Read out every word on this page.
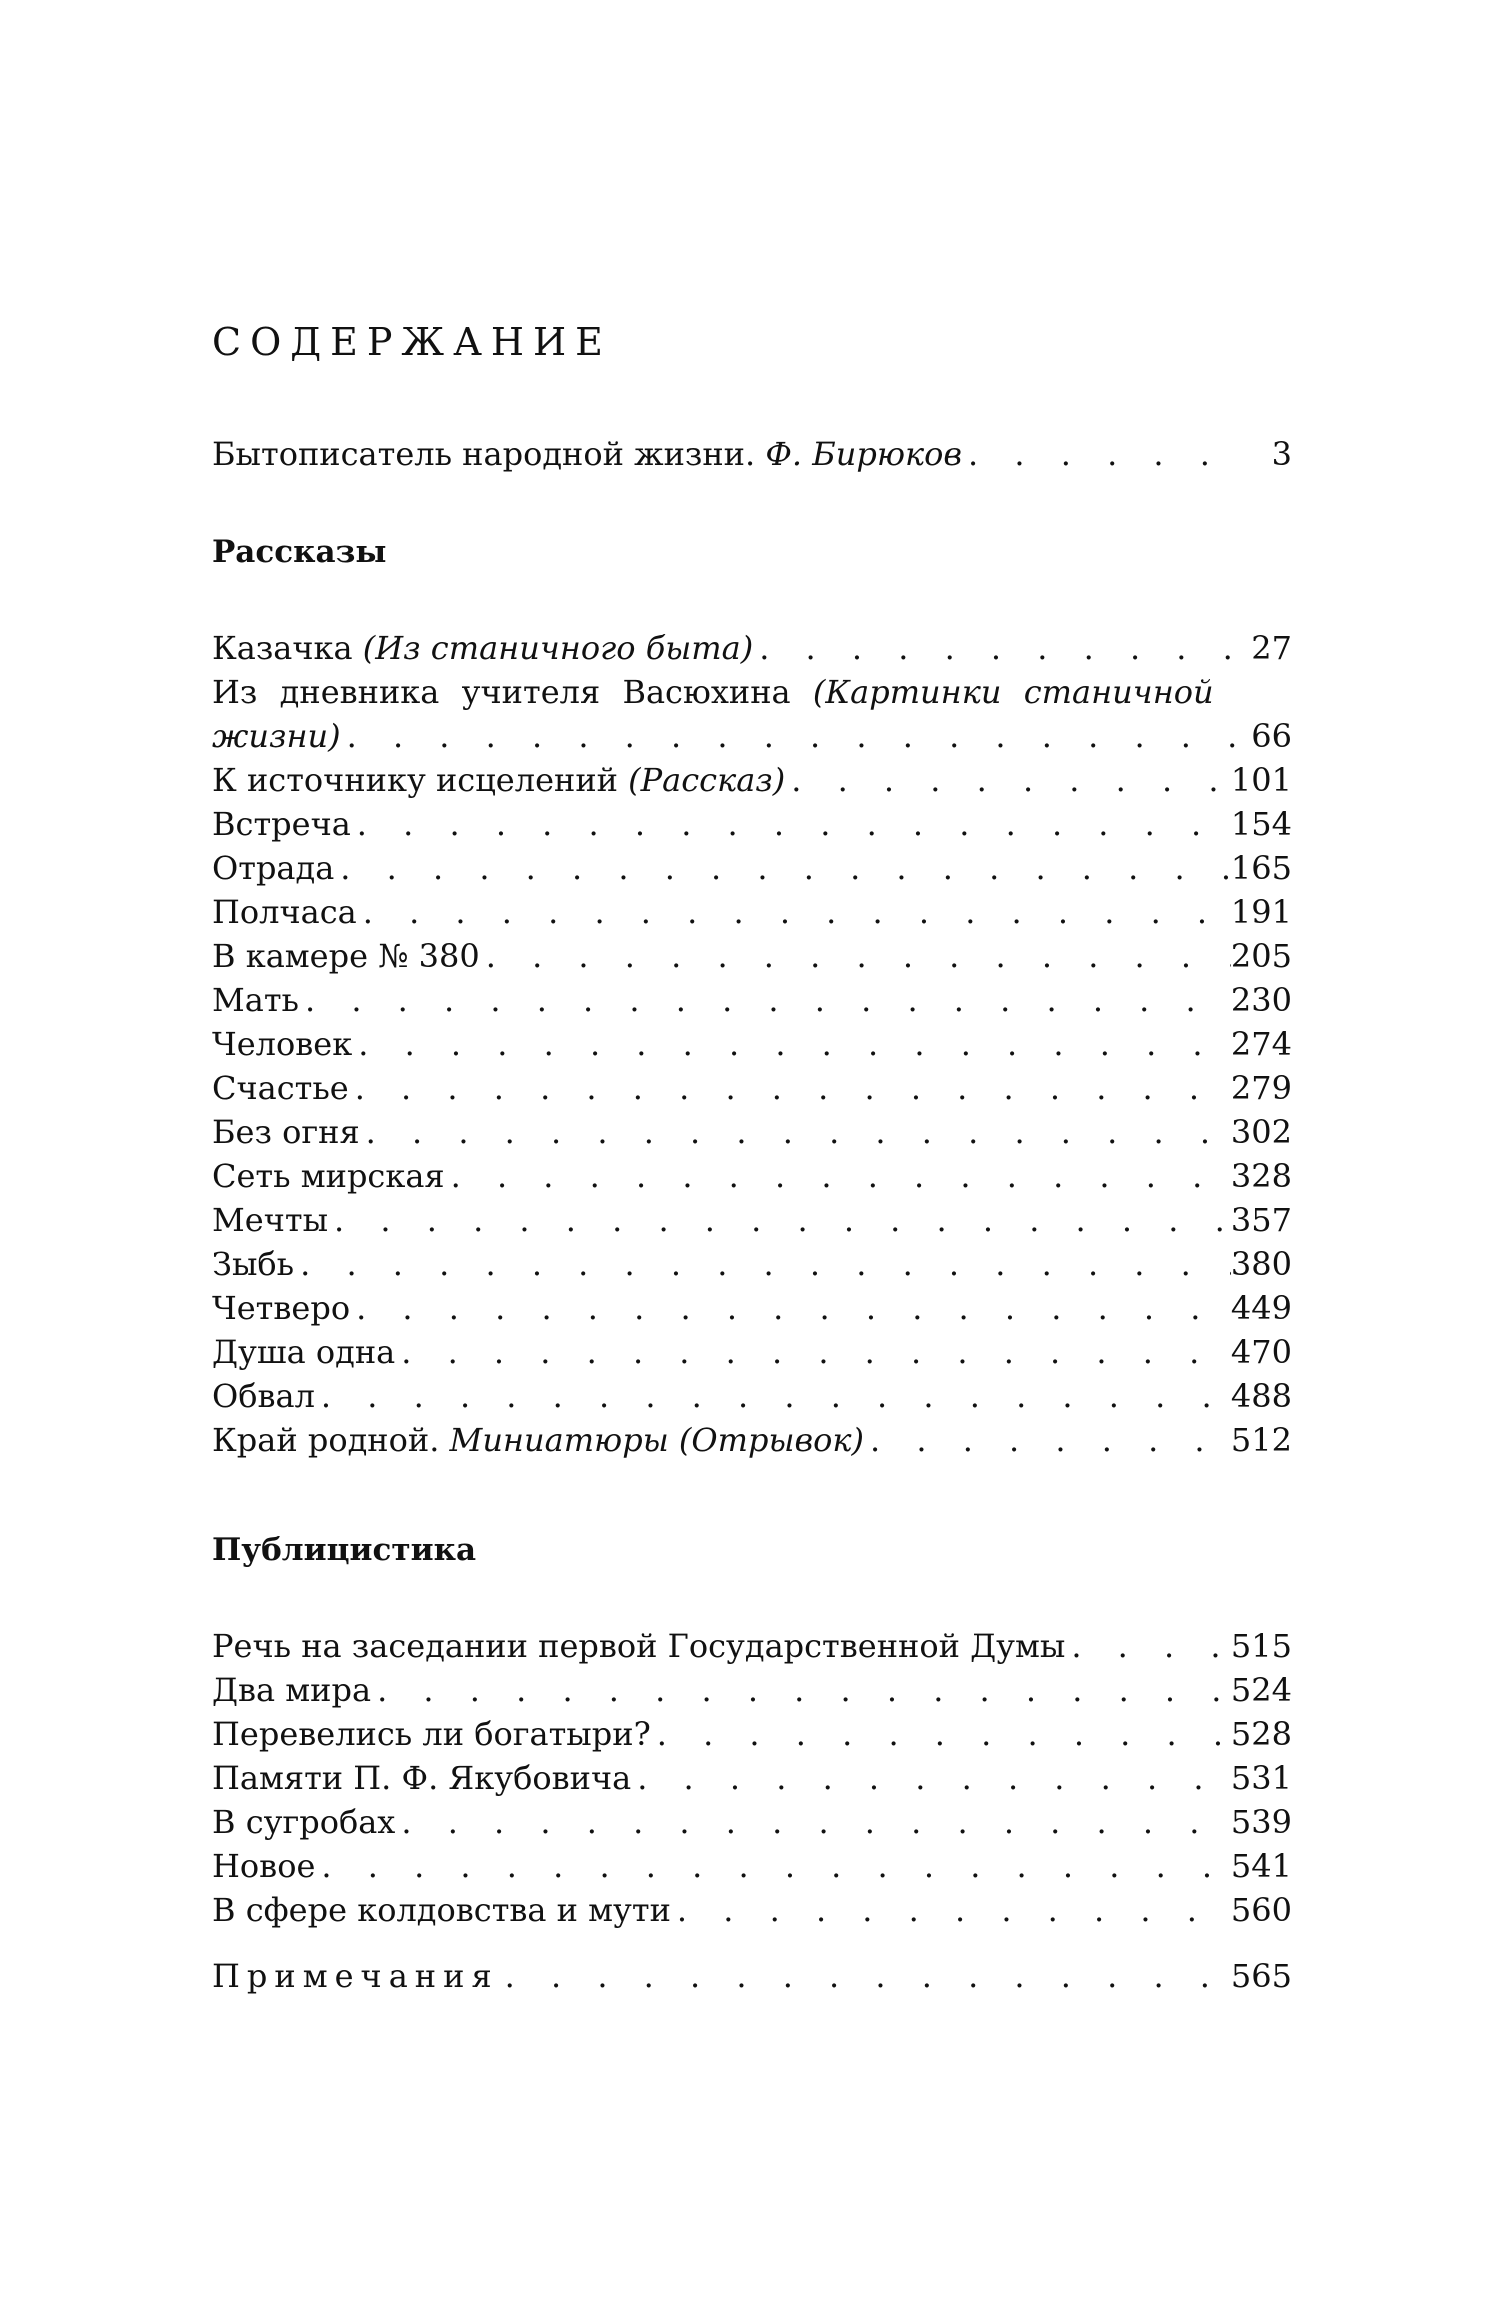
СОДЕРЖАНИЕ
Бытописатель народной жизни. Ф. Бирюков . . .	3
Рассказы
Казачка (Из станичного быта) . . .	27
Из дневника учителя Васюхина (Картинки станичной
жизни) . . .	66
К источнику исцелений (Рассказ) . . .	101
Встреча . . .	154
Отрада . . .	165
Полчаса . . .	191
В камере № 380 . . .	205
Мать . . .	230
Человек . . .	274
Счастье . . .	279
Без огня . . .	302
Сеть мирская . . .	328
Мечты . . .	357
Зыбь . . .	380
Четверо . . .	449
Душа одна . . .	470
Обвал . . .	488
Край родной. Миниатюры (Отрывок) . . .	512
Публицистика
Речь на заседании первой Государственной Думы . . .	515
Два мира . . .	524
Перевелись ли богатыри? . . .	528
Памяти П. Ф. Якубовича . . .	531
В сугробах . . .	539
Новое . . .	541
В сфере колдовства и мути . . .	560
Примечания . . .	565
